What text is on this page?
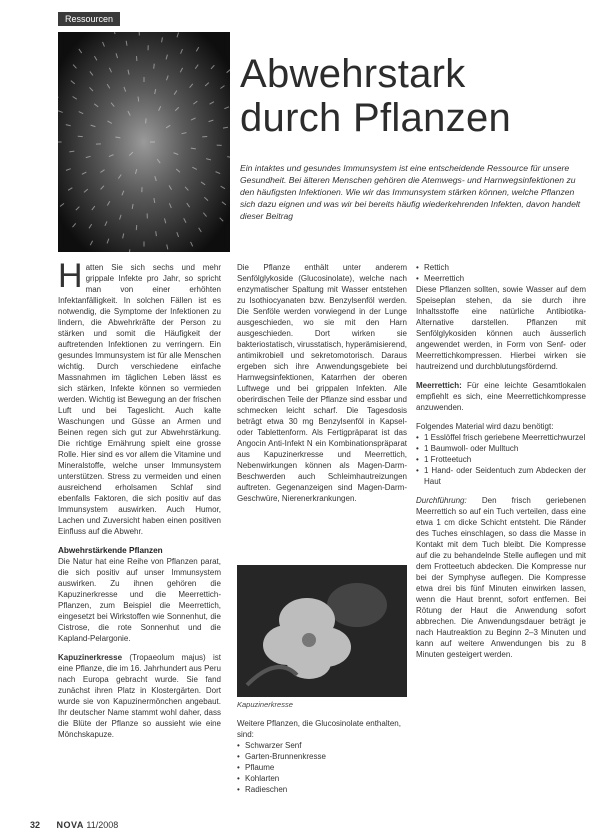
Ressourcen
Abwehrstark
durch Pflanzen

Ein intaktes und gesundes Immunsystem ist eine entscheidende Ressource für unsere Gesundheit. Bei älteren Menschen gehören die Atemwegs- und Harnwegsinfektionen zu den häufigsten Infektionen. Wie wir das Immunsystem stärken können, welche Pflanzen sich dazu eignen und was wir bei bereits häufig wiederkehrenden Infekten, davon handelt dieser Beitrag

Hatten Sie sich sechs und mehr grippale Infekte pro Jahr, so spricht man von einer erhöhten Infektanfälligkeit. In solchen Fällen ist es notwendig, die Symptome der Infektionen zu lindern, die Abwehrkräfte der Person zu stärken und somit die Häufigkeit der auftretenden Infektionen zu verringern. Ein gesundes Immunsystem ist für alle Menschen wichtig. Durch verschiedene einfache Massnahmen im täglichen Leben lässt es sich stärken, Infekte können so vermieden werden. Wichtig ist Bewegung an der frischen Luft und bei Tageslicht. Auch kalte Waschungen und Güsse an Armen und Beinen regen sich gut zur Abwehrstärkung. Die richtige Ernährung spielt eine grosse Rolle. Hier sind es vor allem die Vitamine und Mineralstoffe, welche unser Immunsystem unterstützen. Stress zu vermeiden und einen ausreichend erholsamen Schlaf sind ebenfalls Faktoren, die sich positiv auf das Immunsystem auswirken. Auch Humor, Lachen und Zuversicht haben einen positiven Einfluss auf die Abwehr.

Abwehrstärkende Pflanzen

Die Natur hat eine Reihe von Pflanzen parat, die sich positiv auf unser Immunsystem auswirken. Zu ihnen gehören die Kapuzinerkresse und die Meerrettich-Pflanzen, zum Beispiel die Meerrettich, eingesetzt bei Wirkstoffen wie Sonnenhut, die Cistrose, die rote Sonnenhut und die Kapland-Pelargonie.

Kapuzinerkresse (Tropaeolum majus) ist eine Pflanze, die im 16. Jahrhundert aus Peru nach Europa gebracht wurde. Sie fand zunächst ihren Platz in Klostergärten. Dort wurde sie von Kapuzinermönchen angebaut. Ihr deutscher Name stammt wohl daher, dass die Blüte der Pflanze so aussieht wie eine Mönchskapuze.

Die Pflanze enthält unter anderem Senfölglykoside (Glucosinolate), welche nach enzymatischer Spaltung mit Wasser entstehen zu Isothiocyanaten bzw. Benzylsenföl werden. Die Senföle werden vorwiegend in der Lunge ausgeschieden, wo sie mit den Harn ausgeschieden. Dort wirken sie bakteriostatisch, virusstatisch, hyperämisierend, antimikrobiell und sekretomotorisch. Daraus ergeben sich ihre Anwendungsgebiete bei Harnwegsinfektionen, Katarrhen der oberen Luftwege und bei grippalen Infekten. Alle oberirdischen Teile der Pflanze sind essbar und schmecken leicht scharf. Die Tagesdosis beträgt etwa 30 mg Benzylsenföl in Kapsel- oder Tablettenform. Als Fertigpräparat ist das Angocin Anti-Infekt N ein Kombinationspräparat aus Kapuzinerkresse und Meerrettich, Nebenwirkungen können als Magen-Darm-Beschwerden auch Schleimhautreizungen auftreten. Gegenanzeigen sind Magen-Darm-Geschwüre, Nierenerkrankungen.

Kapuzinerkresse

Weitere Pflanzen, die Glucosinolate enthalten, sind:

• Schwarzer Senf
• Garten-Brunnenkresse
• Pflaume
• Kohlarten
• Radieschen
• Rettich
• Meerrettich

Diese Pflanzen sollten, sowie Wasser auf dem Speiseplan stehen, da sie durch ihre Inhaltsstoffe eine natürliche Antibiotika-Alternative darstellen. Pflanzen mit Senfölglykosiden können auch äusserlich angewendet werden, in Form von Senf- oder Meerrettichkompressen. Hierbei wirken sie hautreizend und durchblutungsfördernd.

Meerrettich: Für eine leichte Gesamtlokalen empfiehlt es sich, eine Meerrettichkompresse anzuwenden.

Folgendes Material wird dazu benötigt:

• 1 Esslöffel frisch geriebene Meerrettichwurzel
• 1 Baumwoll- oder Mulltuch
• 1 Frotteetuch
• 1 Hand- oder Seidentuch zum Abdecken der Haut

Durchführung: Den frisch geriebenen Meerrettich so auf ein Tuch verteilen, dass eine etwa 1 cm dicke Schicht entsteht. Die Ränder des Tuches einschlagen, so dass die Masse in Kontakt mit dem Tuch bleibt. Die Kompresse auf die zu behandelnde Stelle auflegen und mit dem Frotteetuch abdecken. Die Kompresse nur bei der Symphyse auflegen. Die Kompresse etwa drei bis fünf Minuten einwirken lassen, wenn die Haut brennt, sofort entfernen. Bei Rötung der Haut die Anwendung sofort abbrechen. Die Anwendungsdauer beträgt je nach Hautreaktion zu Beginn 2–3 Minuten und kann auf weitere Anwendungen bis zu 8 Minuten gesteigert werden.

32 NOVA 11/2008
